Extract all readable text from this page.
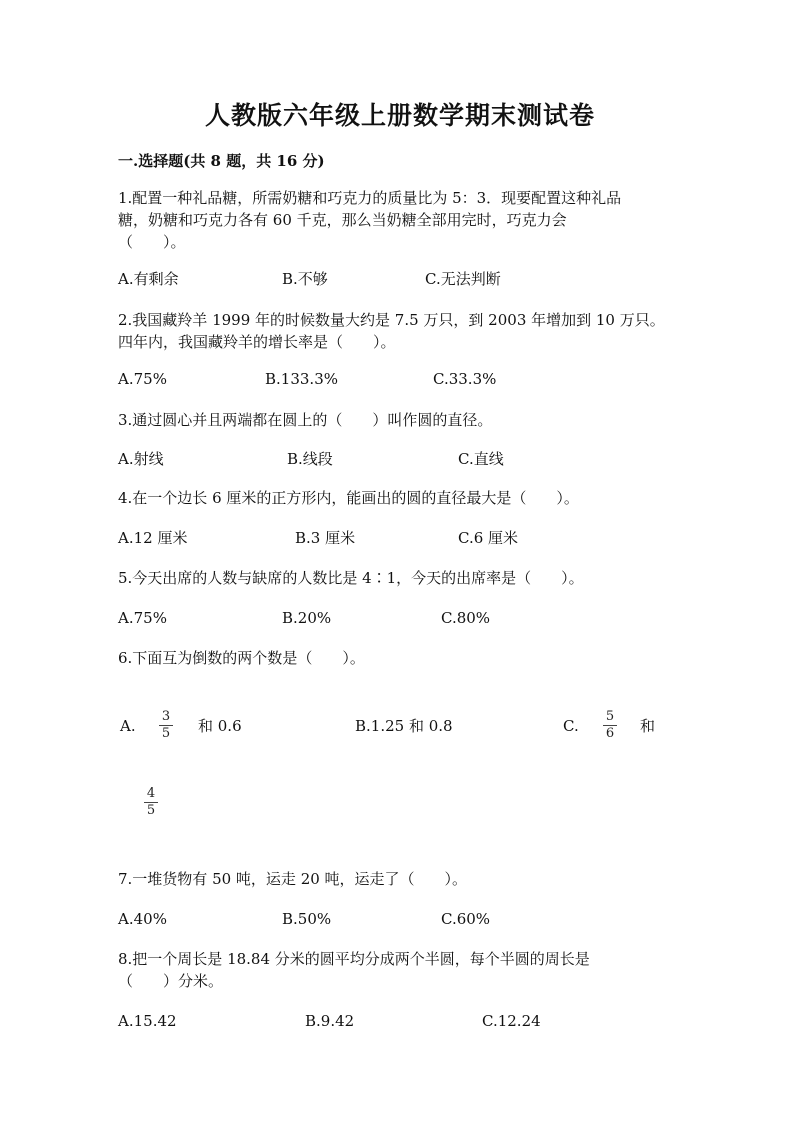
人教版六年级上册数学期末测试卷
一.选择题(共 8 题，共 16 分)
1.配置一种礼品糖，所需奶糖和巧克力的质量比为 5：3．现要配置这种礼品
糖，奶糖和巧克力各有 60 千克，那么当奶糖全部用完时，巧克力会
（　　）。
A.有剩余	B.不够	C.无法判断
2.我国藏羚羊 1999 年的时候数量大约是 7.5 万只，到 2003 年增加到 10 万只。
四年内，我国藏羚羊的增长率是（　　）。
A.75%	B.133.3%	C.33.3%
3.通过圆心并且两端都在圆上的（　　）叫作圆的直径。
A.射线	B.线段	C.直线
4.在一个边长 6 厘米的正方形内，能画出的圆的直径最大是（　　）。
A.12 厘米	B.3 厘米	C.6 厘米
5.今天出席的人数与缺席的人数比是 4∶1，今天的出席率是（　　）。
A.75%	B.20%	C.80%
6.下面互为倒数的两个数是（　　）。
A.
3
5 和 0.6	B.1.25 和 0.8	C.
5
6 和
4
5
7.一堆货物有 50 吨，运走 20 吨，运走了（　　）。
A.40%	B.50%	C.60%
8.把一个周长是 18.84 分米的圆平均分成两个半圆，每个半圆的周长是
（　　）分米。
A.15.42	B.9.42	C.12.24
